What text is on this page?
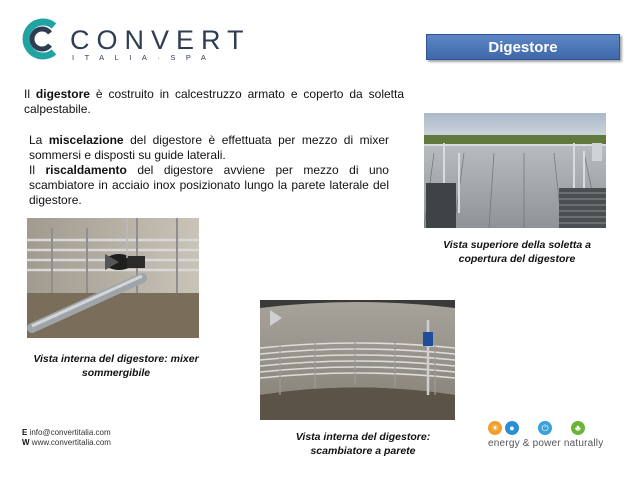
CONVERT
ITALIA·SPA
Digestore
Il digestore è costruito in calcestruzzo armato e coperto da soletta calpestabile.
La miscelazione del digestore è effettuata per mezzo di mixer sommersi e disposti su guide laterali.
Il riscaldamento del digestore avviene per mezzo di uno scambiatore in acciaio inox posizionato lungo la parete laterale del digestore.
Vista superiore della soletta a copertura del digestore
Vista interna del digestore: mixer sommergibile
Vista interna del digestore: scambiatore a parete
E info@convertitalia.com
W www.convertitalia.com
☀	●	⏻	♣
energy & power naturally
